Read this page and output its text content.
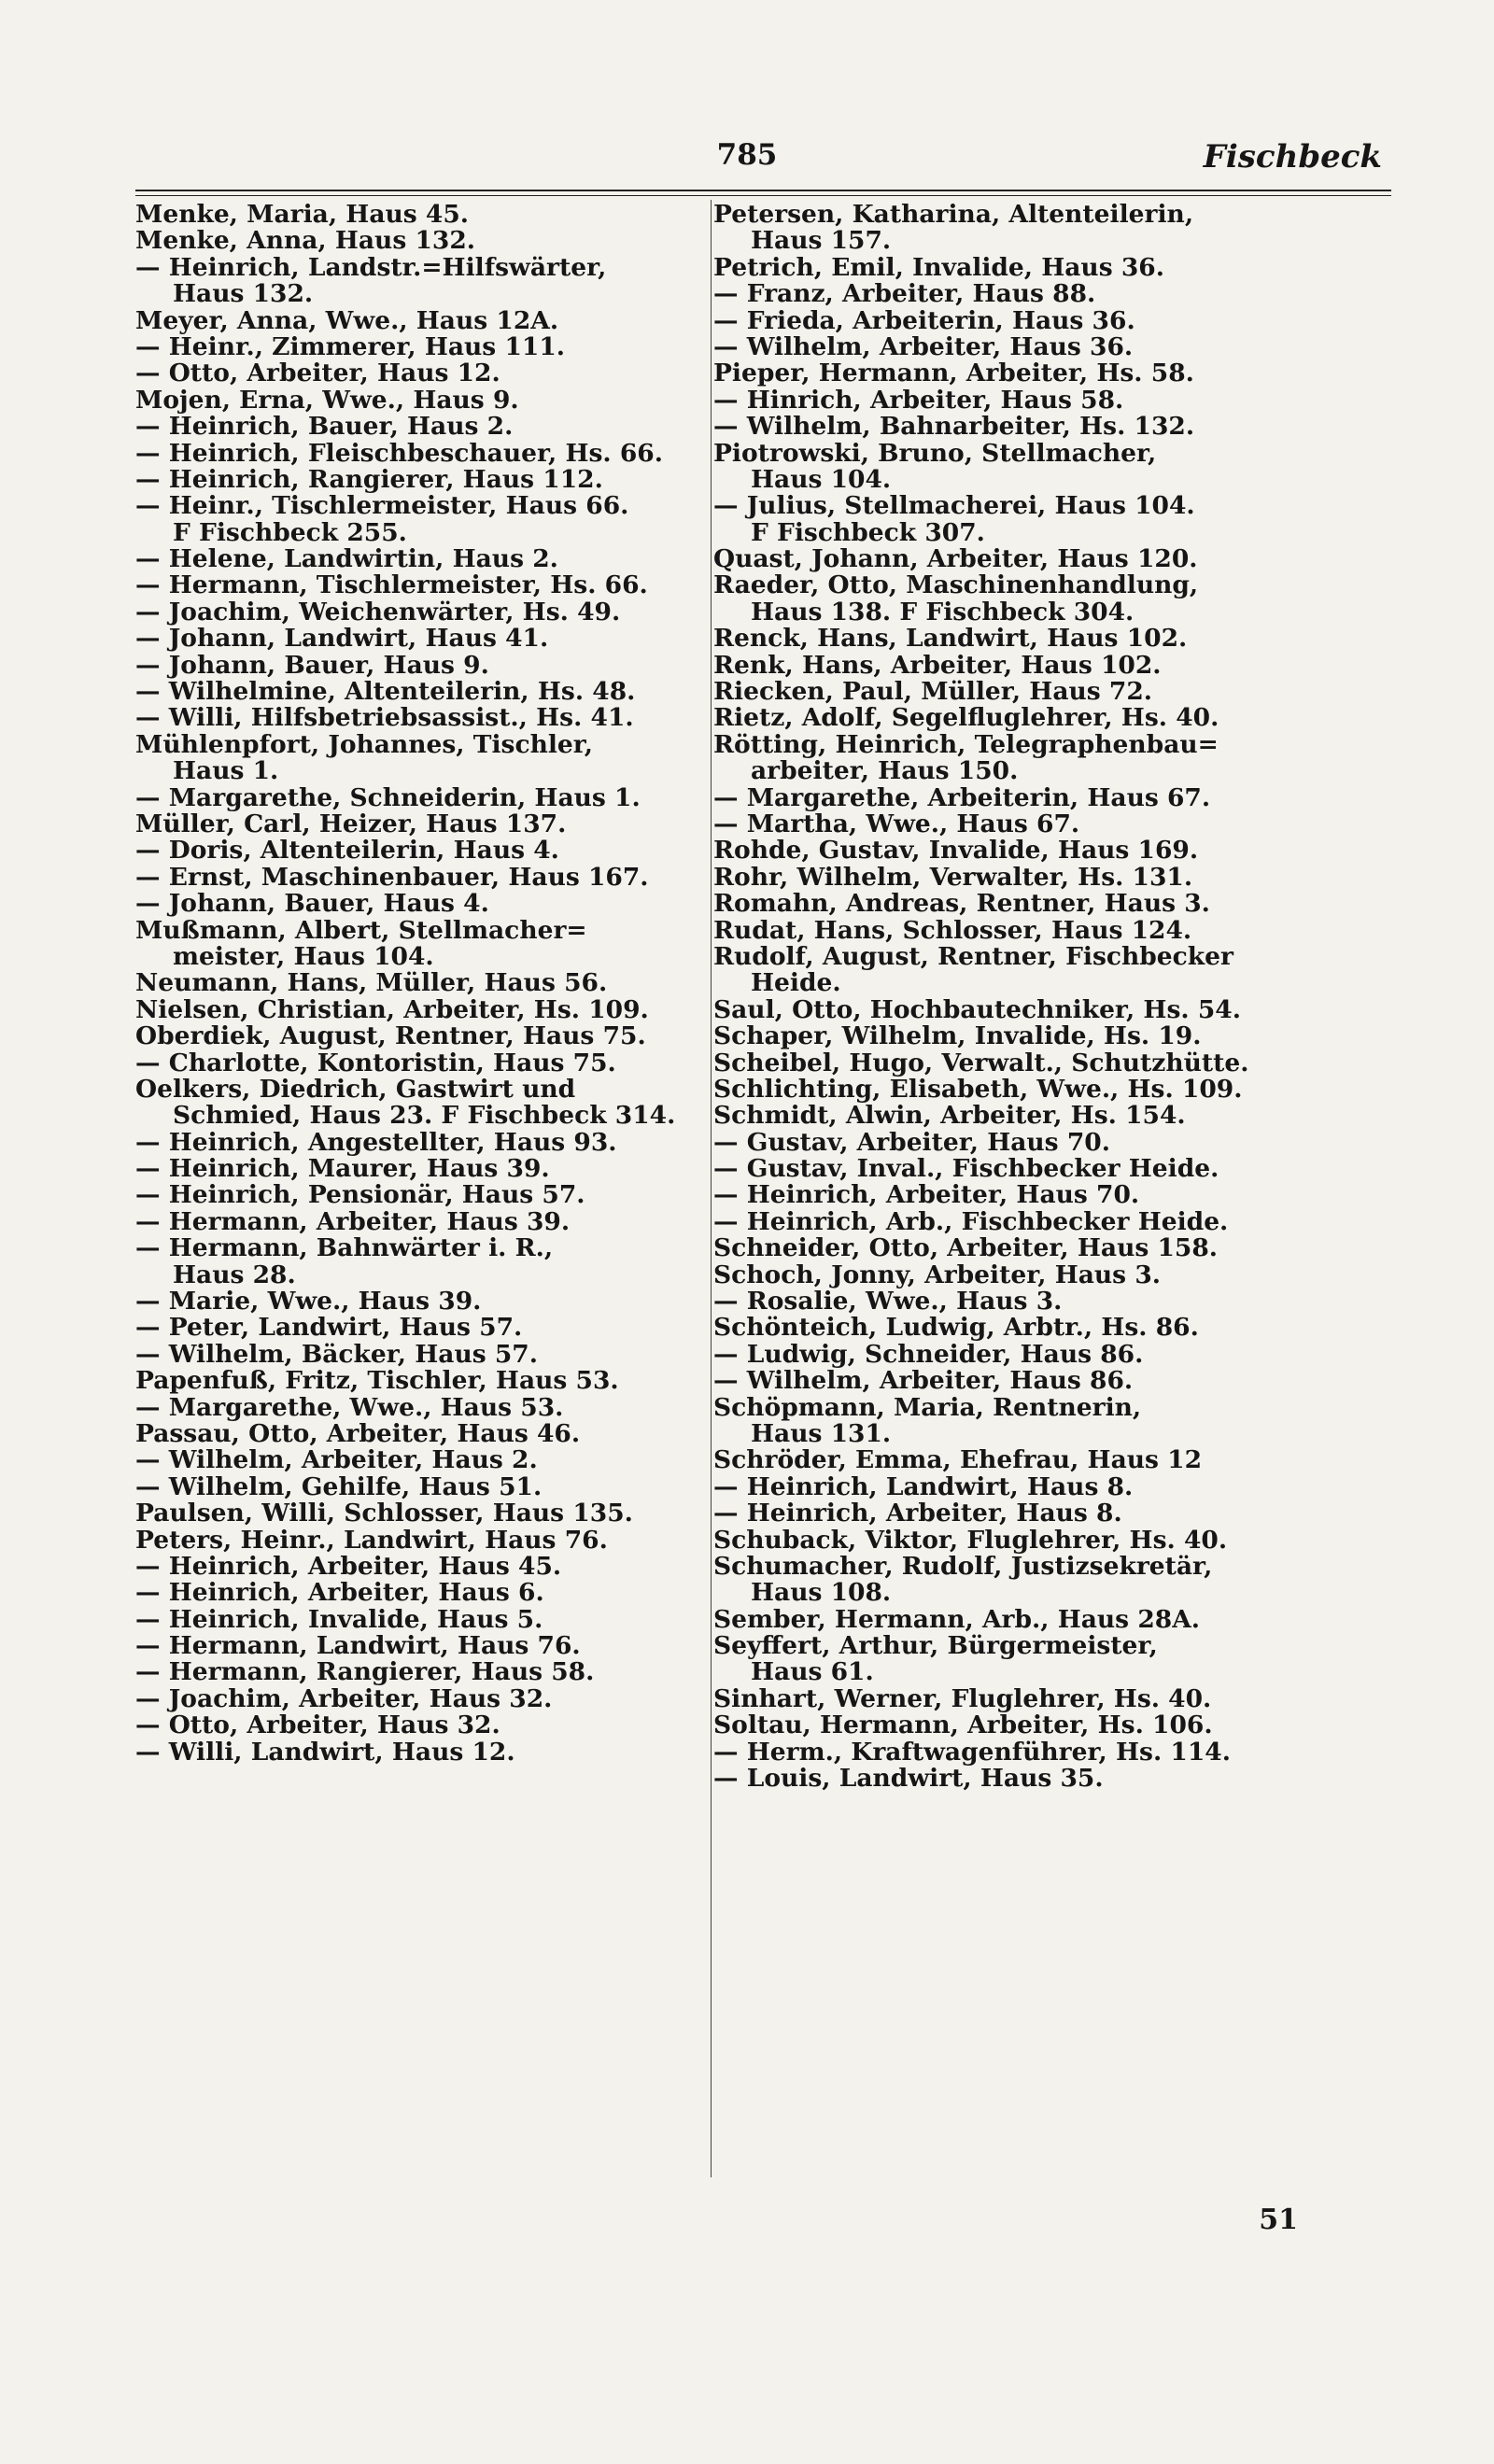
785	Fischbeck
Menke, Maria, Haus 45.
Menke, Anna, Haus 132.
— Heinrich, Landstr.=Hilfswärter,
Haus 132.
Meyer, Anna, Wwe., Haus 12A.
— Heinr., Zimmerer, Haus 111.
— Otto, Arbeiter, Haus 12.
Mojen, Erna, Wwe., Haus 9.
— Heinrich, Bauer, Haus 2.
— Heinrich, Fleischbeschauer, Hs. 66.
— Heinrich, Rangierer, Haus 112.
— Heinr., Tischlermeister, Haus 66.
F Fischbeck 255.
— Helene, Landwirtin, Haus 2.
— Hermann, Tischlermeister, Hs. 66.
— Joachim, Weichenwärter, Hs. 49.
— Johann, Landwirt, Haus 41.
— Johann, Bauer, Haus 9.
— Wilhelmine, Altenteilerin, Hs. 48.
— Willi, Hilfsbetriebsassist., Hs. 41.
Mühlenpfort, Johannes, Tischler,
Haus 1.
— Margarethe, Schneiderin, Haus 1.
Müller, Carl, Heizer, Haus 137.
— Doris, Altenteilerin, Haus 4.
— Ernst, Maschinenbauer, Haus 167.
— Johann, Bauer, Haus 4.
Mußmann, Albert, Stellmacher=
meister, Haus 104.
Neumann, Hans, Müller, Haus 56.
Nielsen, Christian, Arbeiter, Hs. 109.
Oberdiek, August, Rentner, Haus 75.
— Charlotte, Kontoristin, Haus 75.
Oelkers, Diedrich, Gastwirt und
Schmied, Haus 23. F Fischbeck 314.
— Heinrich, Angestellter, Haus 93.
— Heinrich, Maurer, Haus 39.
— Heinrich, Pensionär, Haus 57.
— Hermann, Arbeiter, Haus 39.
— Hermann, Bahnwärter i. R.,
Haus 28.
— Marie, Wwe., Haus 39.
— Peter, Landwirt, Haus 57.
— Wilhelm, Bäcker, Haus 57.
Papenfuß, Fritz, Tischler, Haus 53.
— Margarethe, Wwe., Haus 53.
Passau, Otto, Arbeiter, Haus 46.
— Wilhelm, Arbeiter, Haus 2.
— Wilhelm, Gehilfe, Haus 51.
Paulsen, Willi, Schlosser, Haus 135.
Peters, Heinr., Landwirt, Haus 76.
— Heinrich, Arbeiter, Haus 45.
— Heinrich, Arbeiter, Haus 6.
— Heinrich, Invalide, Haus 5.
— Hermann, Landwirt, Haus 76.
— Hermann, Rangierer, Haus 58.
— Joachim, Arbeiter, Haus 32.
— Otto, Arbeiter, Haus 32.
— Willi, Landwirt, Haus 12.
Petersen, Katharina, Altenteilerin,
Haus 157.
Petrich, Emil, Invalide, Haus 36.
— Franz, Arbeiter, Haus 88.
— Frieda, Arbeiterin, Haus 36.
— Wilhelm, Arbeiter, Haus 36.
Pieper, Hermann, Arbeiter, Hs. 58.
— Hinrich, Arbeiter, Haus 58.
— Wilhelm, Bahnarbeiter, Hs. 132.
Piotrowski, Bruno, Stellmacher,
Haus 104.
— Julius, Stellmacherei, Haus 104.
F Fischbeck 307.
Quast, Johann, Arbeiter, Haus 120.
Raeder, Otto, Maschinenhandlung,
Haus 138. F Fischbeck 304.
Renck, Hans, Landwirt, Haus 102.
Renk, Hans, Arbeiter, Haus 102.
Riecken, Paul, Müller, Haus 72.
Rietz, Adolf, Segelfluglehrer, Hs. 40.
Rötting, Heinrich, Telegraphenbau=
arbeiter, Haus 150.
— Margarethe, Arbeiterin, Haus 67.
— Martha, Wwe., Haus 67.
Rohde, Gustav, Invalide, Haus 169.
Rohr, Wilhelm, Verwalter, Hs. 131.
Romahn, Andreas, Rentner, Haus 3.
Rudat, Hans, Schlosser, Haus 124.
Rudolf, August, Rentner, Fischbecker
Heide.
Saul, Otto, Hochbautechniker, Hs. 54.
Schaper, Wilhelm, Invalide, Hs. 19.
Scheibel, Hugo, Verwalt., Schutzhütte.
Schlichting, Elisabeth, Wwe., Hs. 109.
Schmidt, Alwin, Arbeiter, Hs. 154.
— Gustav, Arbeiter, Haus 70.
— Gustav, Inval., Fischbecker Heide.
— Heinrich, Arbeiter, Haus 70.
— Heinrich, Arb., Fischbecker Heide.
Schneider, Otto, Arbeiter, Haus 158.
Schoch, Jonny, Arbeiter, Haus 3.
— Rosalie, Wwe., Haus 3.
Schönteich, Ludwig, Arbtr., Hs. 86.
— Ludwig, Schneider, Haus 86.
— Wilhelm, Arbeiter, Haus 86.
Schöpmann, Maria, Rentnerin,
Haus 131.
Schröder, Emma, Ehefrau, Haus 12
— Heinrich, Landwirt, Haus 8.
— Heinrich, Arbeiter, Haus 8.
Schuback, Viktor, Fluglehrer, Hs. 40.
Schumacher, Rudolf, Justizsekretär,
Haus 108.
Sember, Hermann, Arb., Haus 28A.
Seyffert, Arthur, Bürgermeister,
Haus 61.
Sinhart, Werner, Fluglehrer, Hs. 40.
Soltau, Hermann, Arbeiter, Hs. 106.
— Herm., Kraftwagenführer, Hs. 114.
— Louis, Landwirt, Haus 35.
51
